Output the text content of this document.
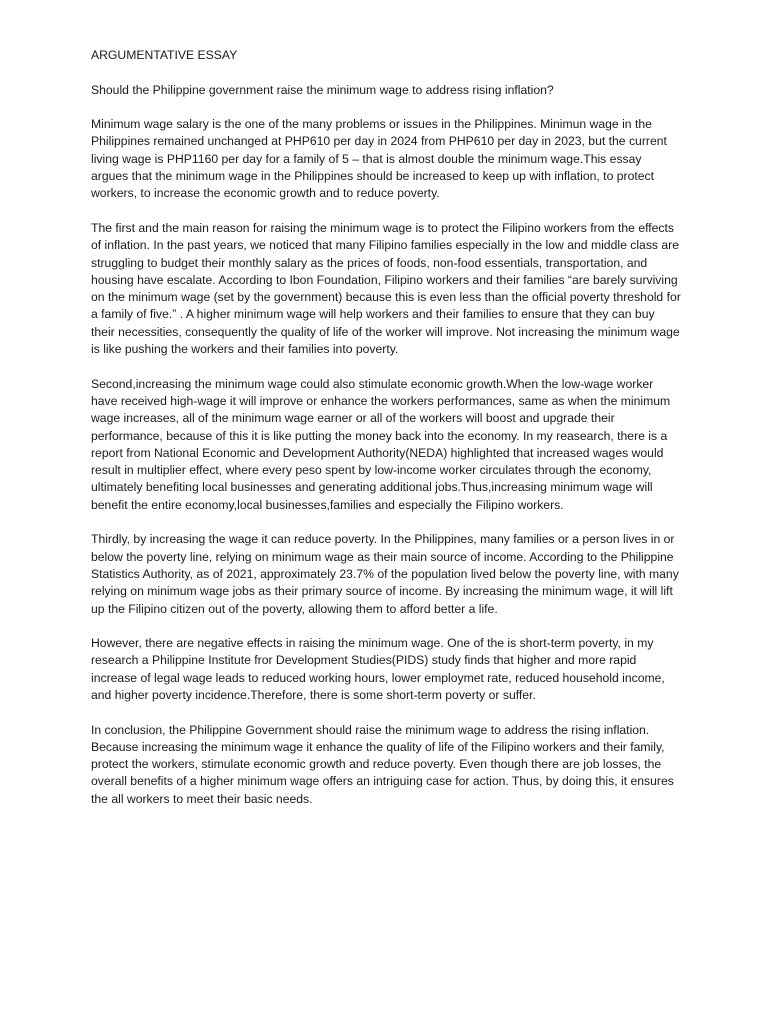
ARGUMENTATIVE ESSAY

Should the Philippine government raise the minimum wage to address rising inflation?

Minimum wage salary is the one of the many problems or issues in the Philippines. Minimun wage in the Philippines remained unchanged at PHP610 per day in 2024 from PHP610 per day in 2023, but the current living wage is PHP1160 per day for a family of 5 – that is almost double the minimum wage.This essay argues that the minimum wage in the Philippines should be increased to keep up with inflation, to protect workers, to increase the economic growth and to reduce poverty.

The first and the main reason for raising the minimum wage is to protect the Filipino workers from the effects of inflation. In the past years, we noticed that many Filipino families especially in the low and middle class are struggling to budget their monthly salary as the prices of foods, non-food essentials, transportation, and housing have escalate. According to Ibon Foundation, Filipino workers and their families “are barely surviving on the minimum wage (set by the government) because this is even less than the official poverty threshold for a family of five.” . A higher minimum wage will help workers and their families to ensure that they can buy their necessities, consequently the quality of life of the worker will improve. Not increasing the minimum wage is like pushing the workers and their families into poverty.

Second,increasing the minimum wage could also stimulate economic growth.When the low-wage worker have received high-wage it will improve or enhance the workers performances, same as when the minimum wage increases, all of the minimum wage earner or all of the workers will boost and upgrade their performance, because of this it is like putting the money back into the economy. In my reasearch, there is a report from National Economic and Development Authority(NEDA) highlighted that increased wages would result in multiplier effect, where every peso spent by low-income worker circulates through the economy, ultimately benefiting local businesses and generating additional jobs.Thus,increasing minimum wage will benefit the entire economy,local businesses,families and especially the Filipino workers.

Thirdly, by increasing the wage it can reduce poverty. In the Philippines, many families or a person lives in or below the poverty line, relying on minimum wage as their main source of income. According to the Philippine Statistics Authority, as of 2021, approximately 23.7% of the population lived below the poverty line, with many relying on minimum wage jobs as their primary source of income. By increasing the minimum wage, it will lift up the Filipino citizen out of the poverty, allowing them to afford better a life.

However, there are negative effects in raising the minimum wage. One of the is short-term poverty, in my research a Philippine Institute fror Development Studies(PIDS) study finds that higher and more rapid increase of legal wage leads to reduced working hours, lower employmet rate, reduced household income, and higher poverty incidence.Therefore, there is some short-term poverty or suffer.

In conclusion, the Philippine Government should raise the minimum wage to address the rising inflation. Because increasing the minimum wage it enhance the quality of life of the Filipino workers and their family, protect the workers, stimulate economic growth and reduce poverty. Even though there are job losses, the overall benefits of a higher minimum wage offers an intriguing case for action. Thus, by doing this, it ensures the all workers to meet their basic needs.
